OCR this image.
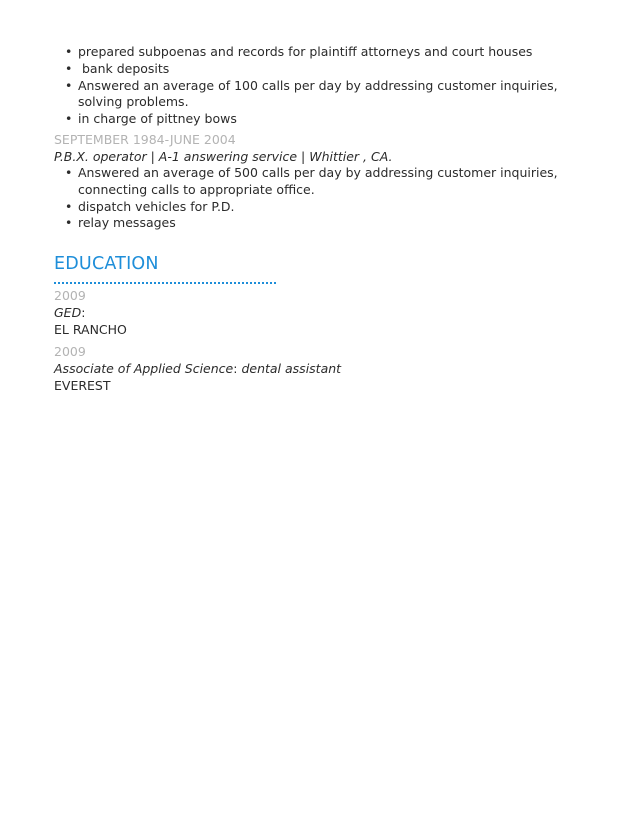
• prepared subpoenas and records for plaintiff attorneys and court houses
•  bank deposits
• Answered an average of 100 calls per day by addressing customer inquiries, solving problems.
• in charge of pittney bows
SEPTEMBER 1984-JUNE 2004
P.B.X. operator | A-1 answering service | Whittier , CA.
• Answered an average of 500 calls per day by addressing customer inquiries, connecting calls to appropriate office.
• dispatch vehicles for P.D.
• relay messages
EDUCATION
2009
GED:
EL RANCHO
2009
Associate of Applied Science: dental assistant
EVEREST
